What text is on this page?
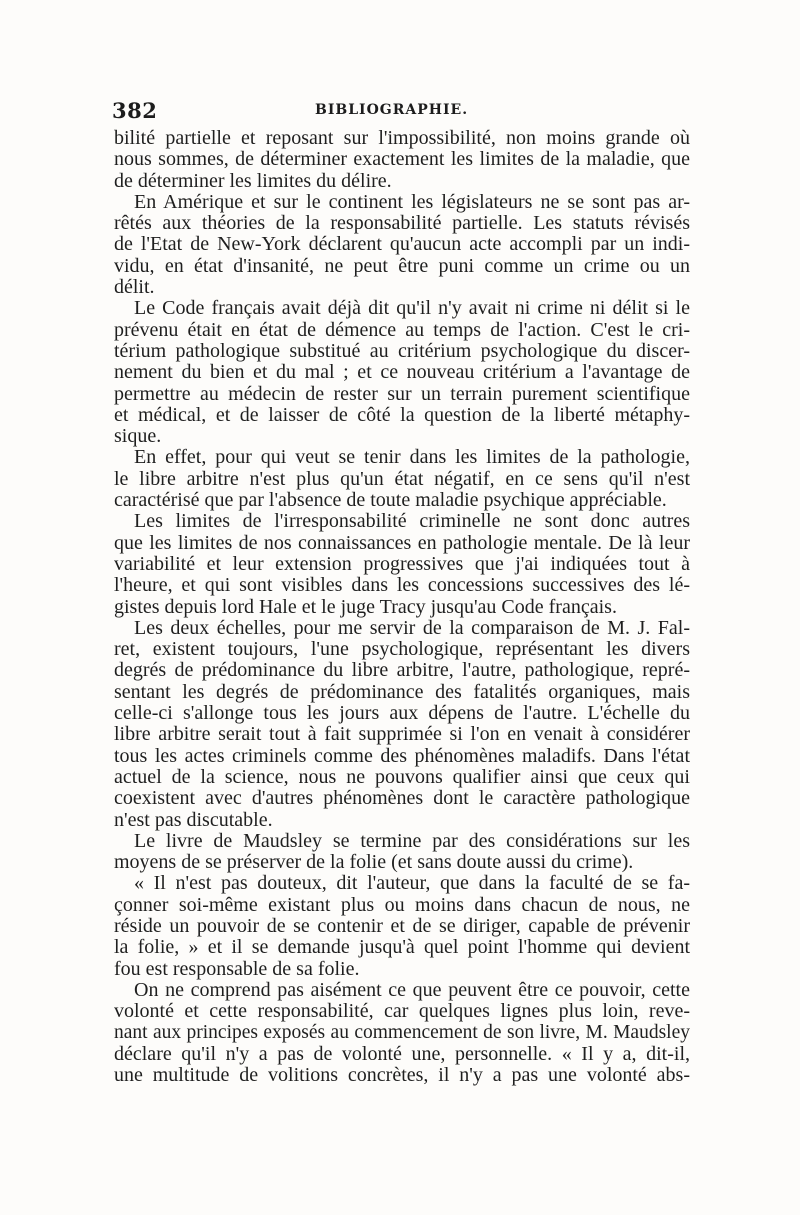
382	BIBLIOGRAPHIE.
bilité partielle et reposant sur l'impossibilité, non moins grande où
nous sommes, de déterminer exactement les limites de la maladie, que
de déterminer les limites du délire.
En Amérique et sur le continent les législateurs ne se sont pas ar-
rêtés aux théories de la responsabilité partielle. Les statuts révisés
de l'Etat de New-York déclarent qu'aucun acte accompli par un indi-
vidu, en état d'insanité, ne peut être puni comme un crime ou un
délit.
Le Code français avait déjà dit qu'il n'y avait ni crime ni délit si le
prévenu était en état de démence au temps de l'action. C'est le cri-
térium pathologique substitué au critérium psychologique du discer-
nement du bien et du mal ; et ce nouveau critérium a l'avantage de
permettre au médecin de rester sur un terrain purement scientifique
et médical, et de laisser de côté la question de la liberté métaphy-
sique.
En effet, pour qui veut se tenir dans les limites de la pathologie,
le libre arbitre n'est plus qu'un état négatif, en ce sens qu'il n'est
caractérisé que par l'absence de toute maladie psychique appréciable.
Les limites de l'irresponsabilité criminelle ne sont donc autres
que les limites de nos connaissances en pathologie mentale. De là leur
variabilité et leur extension progressives que j'ai indiquées tout à
l'heure, et qui sont visibles dans les concessions successives des lé-
gistes depuis lord Hale et le juge Tracy jusqu'au Code français.
Les deux échelles, pour me servir de la comparaison de M. J. Fal-
ret, existent toujours, l'une psychologique, représentant les divers
degrés de prédominance du libre arbitre, l'autre, pathologique, repré-
sentant les degrés de prédominance des fatalités organiques, mais
celle-ci s'allonge tous les jours aux dépens de l'autre. L'échelle du
libre arbitre serait tout à fait supprimée si l'on en venait à considérer
tous les actes criminels comme des phénomènes maladifs. Dans l'état
actuel de la science, nous ne pouvons qualifier ainsi que ceux qui
coexistent avec d'autres phénomènes dont le caractère pathologique
n'est pas discutable.
Le livre de Maudsley se termine par des considérations sur les
moyens de se préserver de la folie (et sans doute aussi du crime).
« Il n'est pas douteux, dit l'auteur, que dans la faculté de se fa-
çonner soi-même existant plus ou moins dans chacun de nous, ne
réside un pouvoir de se contenir et de se diriger, capable de prévenir
la folie, » et il se demande jusqu'à quel point l'homme qui devient
fou est responsable de sa folie.
On ne comprend pas aisément ce que peuvent être ce pouvoir, cette
volonté et cette responsabilité, car quelques lignes plus loin, reve-
nant aux principes exposés au commencement de son livre, M. Maudsley
déclare qu'il n'y a pas de volonté une, personnelle. « Il y a, dit-il,
une multitude de volitions concrètes, il n'y a pas une volonté abs-
